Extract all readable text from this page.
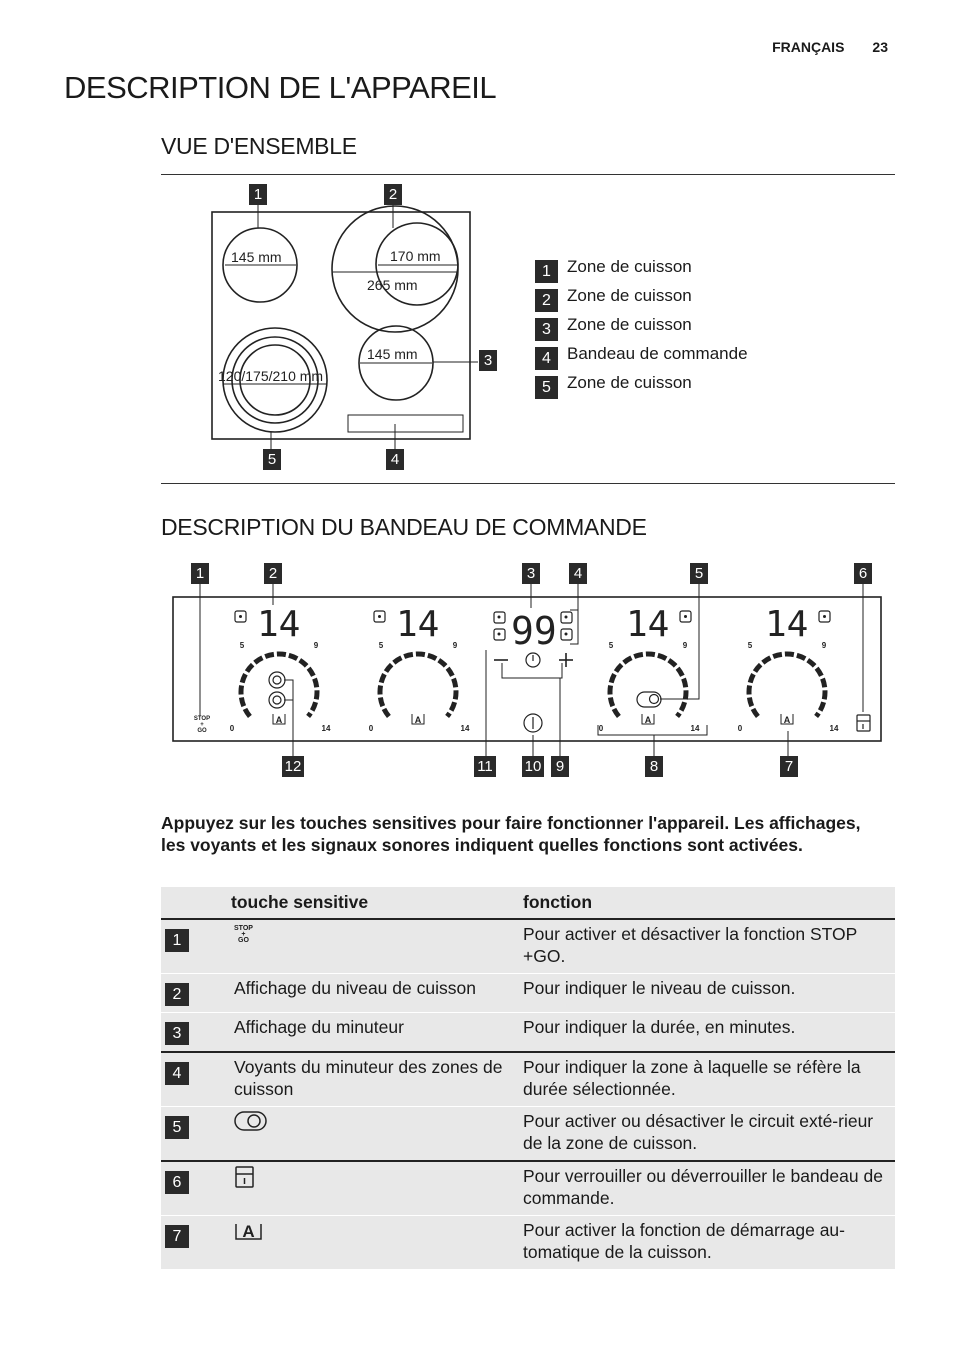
FRANÇAIS 23
DESCRIPTION DE L'APPAREIL
VUE D'ENSEMBLE
1	2
3
4
5
145 mm	170 mm
265 mm
145 mm
120/175/210 mm
1 Zone de cuisson
2 Zone de cuisson
3 Zone de cuisson
4 Bandeau de commande
5 Zone de cuisson
DESCRIPTION DU BANDEAU DE COMMANDE
1	2	3	4	5	6
12	11 10 9	8	7
14
5	9
0	14
A
14
5	9
0	14
A
14
5	9
0	14
A
14
5	9
0	14
A
99
STOP
+
GO
Appuyez sur les touches sensitives pour faire fonctionner l'appareil. Les affichages, les voyants et les signaux sonores indiquent quelles fonctions sont activées.
	touche sensitive	fonction
1	STOP
+
GO	Pour activer et désactiver la fonction STOP +GO.
2	Affichage du niveau de cuisson	Pour indiquer le niveau de cuisson.
3	Affichage du minuteur	Pour indiquer la durée, en minutes.
4	Voyants du minuteur des zones de cuisson	Pour indiquer la zone à laquelle se réfère la durée sélectionnée.
5		Pour activer ou désactiver le circuit exté-rieur de la zone de cuisson.
6		Pour verrouiller ou déverrouiller le bandeau de commande.
7	A	Pour activer la fonction de démarrage au-tomatique de la cuisson.
